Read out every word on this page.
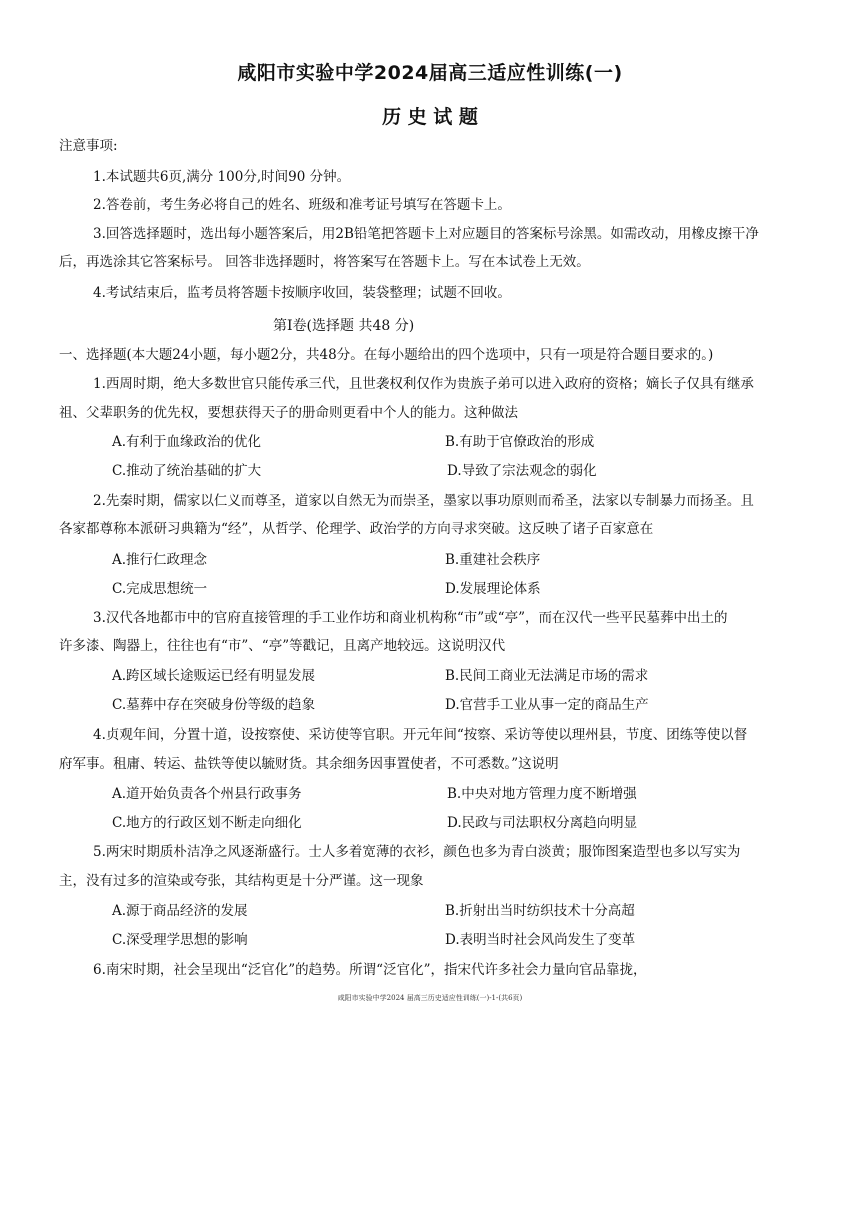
咸阳市实验中学2024届高三适应性训练(一)
历 史 试 题
注意事项:
1.本试题共6页,满分 100分,时间90 分钟。
2.答卷前，考生务必将自己的姓名、班级和准考证号填写在答题卡上。
3.回答选择题时，选出每小题答案后，用2B铅笔把答题卡上对应题目的答案标号涂黑。如需改动，用橡皮擦干净
后，再选涂其它答案标号。 回答非选择题时，将答案写在答题卡上。写在本试卷上无效。
4.考试结束后，监考员将答题卡按顺序收回，装袋整理；试题不回收。
第Ⅰ卷(选择题 共48 分)
一、选择题(本大题24小题，每小题2分，共48分。在每小题给出的四个选项中，只有一项是符合题目要求的。)
1.西周时期，绝大多数世官只能传承三代，且世袭权利仅作为贵族子弟可以进入政府的资格；嫡长子仅具有继承
祖、父辈职务的优先权，要想获得天子的册命则更看中个人的能力。这种做法
A.有利于血缘政治的优化	B.有助于官僚政治的形成
C.推动了统治基础的扩大	D.导致了宗法观念的弱化
2.先秦时期，儒家以仁义而尊圣，道家以自然无为而崇圣，墨家以事功原则而希圣，法家以专制暴力而扬圣。且
各家都尊称本派研习典籍为“经”，从哲学、伦理学、政治学的方向寻求突破。这反映了诸子百家意在
A.推行仁政理念	B.重建社会秩序
C.完成思想统一	D.发展理论体系
3.汉代各地都市中的官府直接管理的手工业作坊和商业机构称“市”或“亭”，而在汉代一些平民墓葬中出土的
许多漆、陶器上，往往也有“市”、“亭”等戳记，且离产地较远。这说明汉代
A.跨区域长途贩运已经有明显发展	B.民间工商业无法满足市场的需求
C.墓葬中存在突破身份等级的趋象	D.官营手工业从事一定的商品生产
4.贞观年间，分置十道，设按察使、采访使等官职。开元年间“按察、采访等使以理州县，节度、团练等使以督
府军事。租庸、转运、盐铁等使以毓财货。其余细务因事置使者，不可悉数。”这说明
A.道开始负责各个州县行政事务	B.中央对地方管理力度不断增强
C.地方的行政区划不断走向细化	D.民政与司法职权分离趋向明显
5.两宋时期质朴洁净之风逐渐盛行。士人多着宽薄的衣衫，颜色也多为青白淡黄；服饰图案造型也多以写实为
主，没有过多的渲染或夸张，其结构更是十分严谨。这一现象
A.源于商品经济的发展	B.折射出当时纺织技术十分高超
C.深受理学思想的影响	D.表明当时社会风尚发生了变革
6.南宋时期，社会呈现出“泛官化”的趋势。所谓“泛官化”，指宋代许多社会力量向官品靠拢，
咸阳市实验中学2024 届高三历史适应性训练(一)-1-(共6页)
